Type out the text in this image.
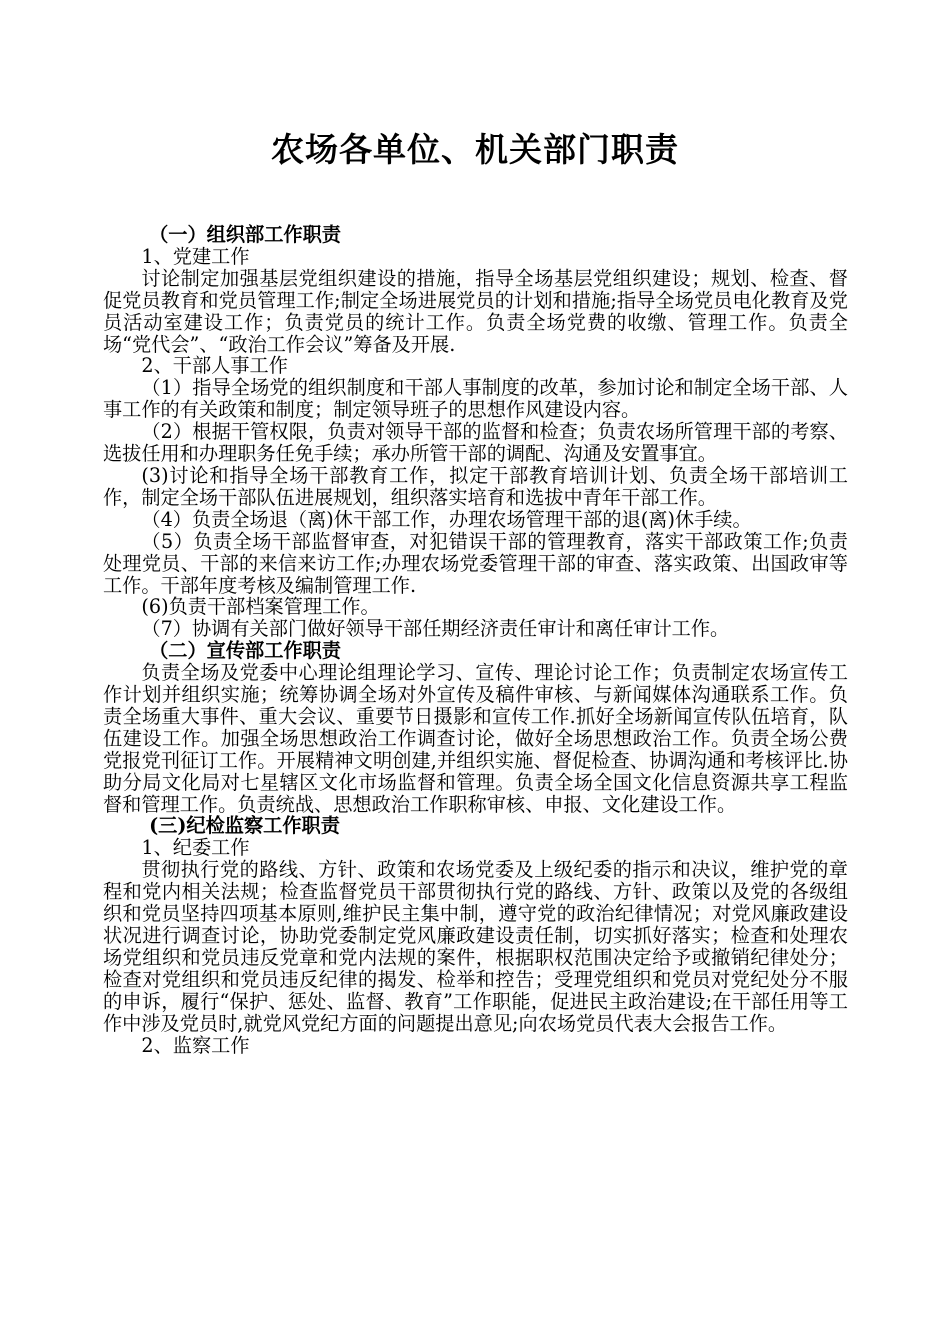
农场各单位、机关部门职责

（一）组织部工作职责

1、党建工作

讨论制定加强基层党组织建设的措施，指导全场基层党组织建设；规划、检查、督促党员教育和党员管理工作;制定全场进展党员的计划和措施;指导全场党员电化教育及党员活动室建设工作；负责党员的统计工作。负责全场党费的收缴、管理工作。负责全场“党代会”、“政治工作会议”筹备及开展.

2、干部人事工作

（1）指导全场党的组织制度和干部人事制度的改革，参加讨论和制定全场干部、人事工作的有关政策和制度；制定领导班子的思想作风建设内容。

（2）根据干管权限，负责对领导干部的监督和检查；负责农场所管理干部的考察、选拔任用和办理职务任免手续；承办所管干部的调配、沟通及安置事宜。

(3)讨论和指导全场干部教育工作，拟定干部教育培训计划、负责全场干部培训工作，制定全场干部队伍进展规划，组织落实培育和选拔中青年干部工作。

（4）负责全场退（离)休干部工作，办理农场管理干部的退(离)休手续。

（5）负责全场干部监督审查，对犯错误干部的管理教育，落实干部政策工作;负责处理党员、干部的来信来访工作;办理农场党委管理干部的审查、落实政策、出国政审等工作。干部年度考核及编制管理工作.

(6)负责干部档案管理工作。

（7）协调有关部门做好领导干部任期经济责任审计和离任审计工作。

（二）宣传部工作职责

负责全场及党委中心理论组理论学习、宣传、理论讨论工作；负责制定农场宣传工作计划并组织实施；统筹协调全场对外宣传及稿件审核、与新闻媒体沟通联系工作。负责全场重大事件、重大会议、重要节日摄影和宣传工作.抓好全场新闻宣传队伍培育，队伍建设工作。加强全场思想政治工作调查讨论，做好全场思想政治工作。负责全场公费党报党刊征订工作。开展精神文明创建,并组织实施、督促检查、协调沟通和考核评比.协助分局文化局对七星辖区文化市场监督和管理。负责全场全国文化信息资源共享工程监督和管理工作。负责统战、思想政治工作职称审核、申报、文化建设工作。

(三)纪检监察工作职责

1、纪委工作

贯彻执行党的路线、方针、政策和农场党委及上级纪委的指示和决议，维护党的章程和党内相关法规；检查监督党员干部贯彻执行党的路线、方针、政策以及党的各级组织和党员坚持四项基本原则,维护民主集中制，遵守党的政治纪律情况；对党风廉政建设状况进行调查讨论，协助党委制定党风廉政建设责任制，切实抓好落实；检查和处理农场党组织和党员违反党章和党内法规的案件，根据职权范围决定给予或撤销纪律处分；检查对党组织和党员违反纪律的揭发、检举和控告；受理党组织和党员对党纪处分不服的申诉，履行“保护、惩处、监督、教育”工作职能，促进民主政治建设;在干部任用等工作中涉及党员时,就党风党纪方面的问题提出意见;向农场党员代表大会报告工作。

2、监察工作
